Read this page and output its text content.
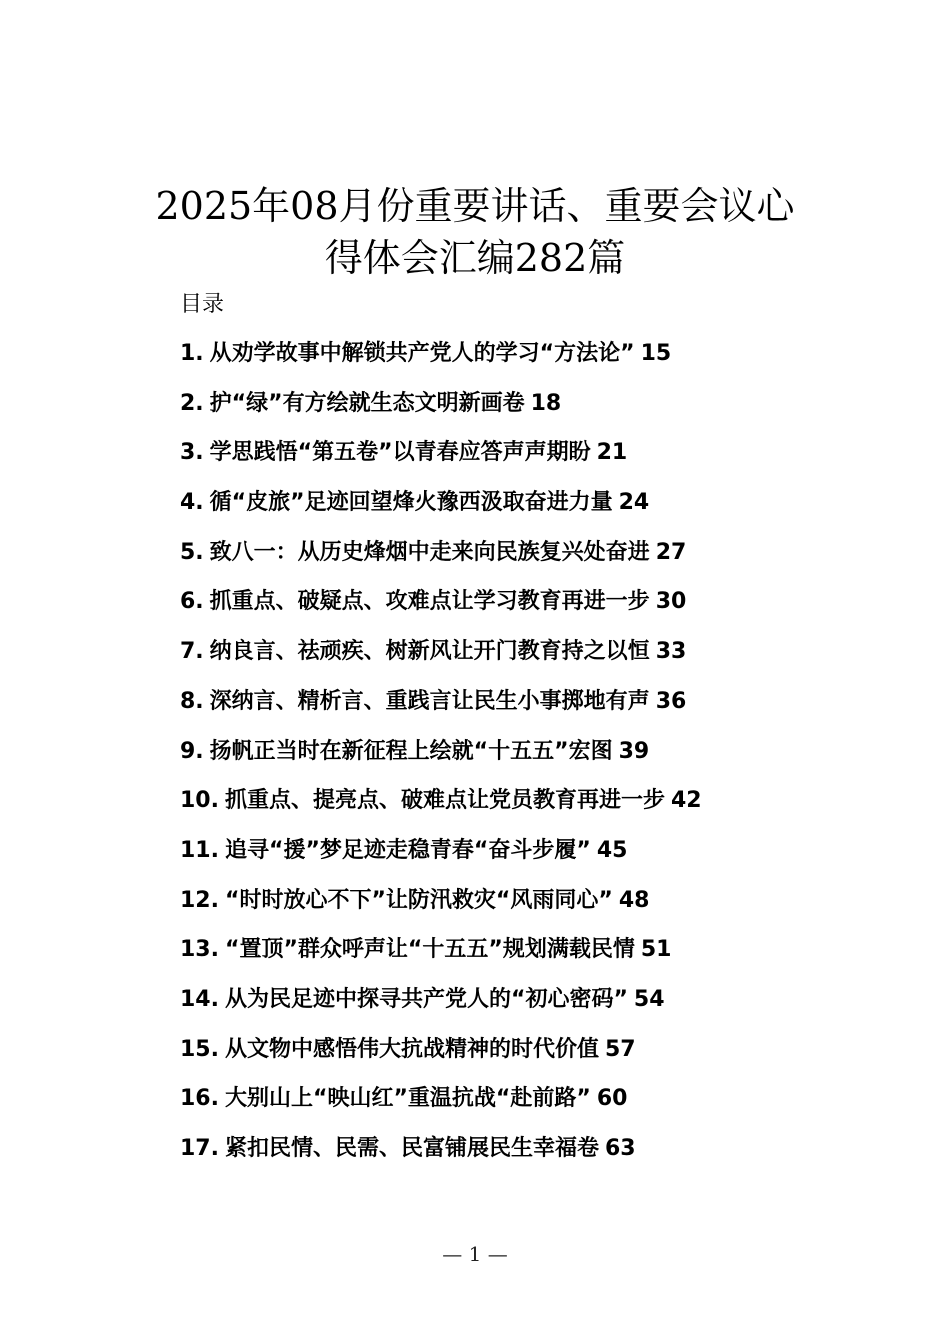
2025年08月份重要讲话、重要会议心
得体会汇编282篇
目录
1. 从劝学故事中解锁共产党人的学习“方法论” 15
2. 护“绿”有方绘就生态文明新画卷 18
3. 学思践悟“第五卷”以青春应答声声期盼 21
4. 循“皮旅”足迹回望烽火豫西汲取奋进力量 24
5. 致八一：从历史烽烟中走来向民族复兴处奋进 27
6. 抓重点、破疑点、攻难点让学习教育再进一步 30
7. 纳良言、祛顽疾、树新风让开门教育持之以恒 33
8. 深纳言、精析言、重践言让民生小事掷地有声 36
9. 扬帆正当时在新征程上绘就“十五五”宏图 39
10. 抓重点、提亮点、破难点让党员教育再进一步 42
11. 追寻“援”梦足迹走稳青春“奋斗步履” 45
12. “时时放心不下”让防汛救灾“风雨同心” 48
13. “置顶”群众呼声让“十五五”规划满载民情 51
14. 从为民足迹中探寻共产党人的“初心密码” 54
15. 从文物中感悟伟大抗战精神的时代价值 57
16. 大别山上“映山红”重温抗战“赴前路” 60
17. 紧扣民情、民需、民富铺展民生幸福卷 63
— 1 —
